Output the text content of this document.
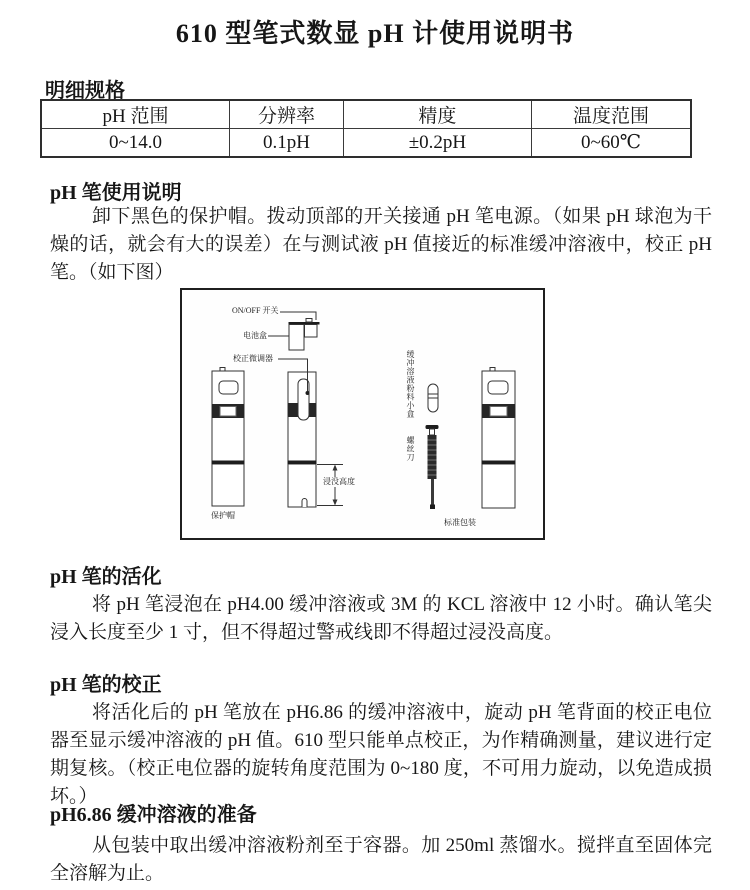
610 型笔式数显 pH 计使用说明书
明细规格
pH 范围	分辨率	精度	温度范围
0~14.0	0.1pH	±0.2pH	0~60℃
pH 笔使用说明
卸下黑色的保护帽。拨动顶部的开关接通 pH 笔电源。（如果 pH 球泡为干燥的话，就会有大的误差）在与测试液 pH 值接近的标准缓冲溶液中，校正 pH 笔。（如下图）
ON/OFF 开关
电池盒
校正微调器
浸没高度
保护帽
标准包装
缓冲溶液粉料小盒
螺丝刀
pH 笔的活化
将 pH 笔浸泡在 pH4.00 缓冲溶液或 3M 的 KCL 溶液中 12 小时。确认笔尖浸入长度至少 1 寸，但不得超过警戒线即不得超过浸没高度。
pH 笔的校正
将活化后的 pH 笔放在 pH6.86 的缓冲溶液中，旋动 pH 笔背面的校正电位器至显示缓冲溶液的 pH 值。610 型只能单点校正，为作精确测量，建议进行定期复核。（校正电位器的旋转角度范围为 0~180 度，不可用力旋动，以免造成损坏。）
pH6.86 缓冲溶液的准备
从包装中取出缓冲溶液粉剂至于容器。加 250ml 蒸馏水。搅拌直至固体完全溶解为止。
